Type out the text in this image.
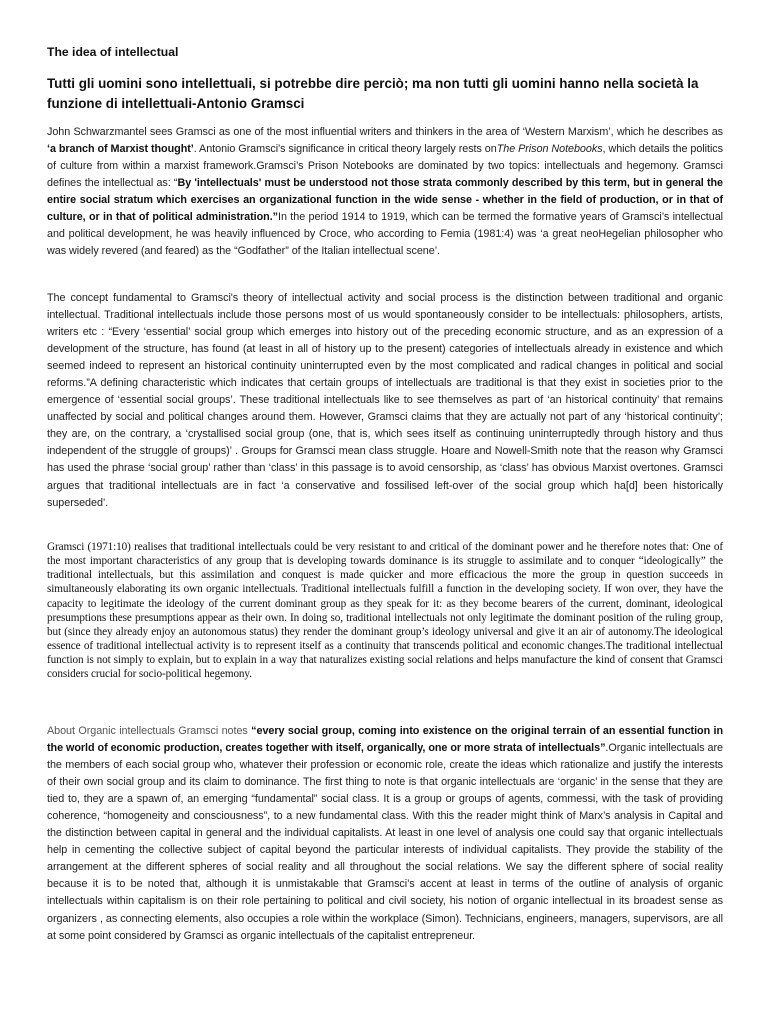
The idea of intellectual
Tutti gli uomini sono intellettuali, si potrebbe dire perciò; ma non tutti gli uomini hanno nella società la funzione di intellettuali-Antonio Gramsci

John Schwarzmantel sees Gramsci as one of the most influential writers and thinkers in the area of ‘Western Marxism’, which he describes as ‘a branch of Marxist thought’. Antonio Gramsci's significance in critical theory largely rests onThe Prison Notebooks, which details the politics of culture from within a marxist framework.Gramsci’s Prison Notebooks are dominated by two topics: intellectuals and hegemony. Gramsci defines the intellectual as: “By 'intellectuals' must be understood not those strata commonly described by this term, but in general the entire social stratum which exercises an organizational function in the wide sense - whether in the field of production, or in that of culture, or in that of political administration.”In the period 1914 to 1919, which can be termed the formative years of Gramsci’s intellectual and political development, he was heavily influenced by Croce, who according to Femia (1981:4) was ‘a great neoHegelian philosopher who was widely revered (and feared) as the “Godfather” of the Italian intellectual scene’.

The concept fundamental to Gramsci's theory of intellectual activity and social process is the distinction between traditional and organic intellectual. Traditional intellectuals include those persons most of us would spontaneously consider to be intellectuals: philosophers, artists, writers etc : “Every ‘essential’ social group which emerges into history out of the preceding economic structure, and as an expression of a development of the structure, has found (at least in all of history up to the present) categories of intellectuals already in existence and which seemed indeed to represent an historical continuity uninterrupted even by the most complicated and radical changes in political and social reforms.”A defining characteristic which indicates that certain groups of intellectuals are traditional is that they exist in societies prior to the emergence of ‘essential social groups’. These traditional intellectuals like to see themselves as part of ‘an historical continuity’ that remains unaffected by social and political changes around them. However, Gramsci claims that they are actually not part of any ‘historical continuity’; they are, on the contrary, a ‘crystallised social group (one, that is, which sees itself as continuing uninterruptedly through history and thus independent of the struggle of groups)’ . Groups for Gramsci mean class struggle. Hoare and Nowell-Smith note that the reason why Gramsci has used the phrase ‘social group’ rather than ‘class’ in this passage is to avoid censorship, as ‘class’ has obvious Marxist overtones. Gramsci argues that traditional intellectuals are in fact ‘a conservative and fossilised left-over of the social group which ha[d] been historically superseded’.

Gramsci (1971:10) realises that traditional intellectuals could be very resistant to and critical of the dominant power and he therefore notes that: One of the most important characteristics of any group that is developing towards dominance is its struggle to assimilate and to conquer “ideologically” the traditional intellectuals, but this assimilation and conquest is made quicker and more efficacious the more the group in question succeeds in simultaneously elaborating its own organic intellectuals. Traditional intellectuals fulfill a function in the developing society. If won over, they have the capacity to legitimate the ideology of the current dominant group as they speak for it: as they become bearers of the current, dominant, ideological presumptions these presumptions appear as their own. In doing so, traditional intellectuals not only legitimate the dominant position of the ruling group, but (since they already enjoy an autonomous status) they render the dominant group’s ideology universal and give it an air of autonomy.The ideological essence of traditional intellectual activity is to represent itself as a continuity that transcends political and economic changes.The traditional intellectual function is not simply to explain, but to explain in a way that naturalizes existing social relations and helps manufacture the kind of consent that Gramsci considers crucial for socio-political hegemony.

About Organic intellectuals Gramsci notes “every social group, coming into existence on the original terrain of an essential function in the world of economic production, creates together with itself, organically, one or more strata of intellectuals”.Organic intellectuals are the members of each social group who, whatever their profession or economic role, create the ideas which rationalize and justify the interests of their own social group and its claim to dominance. The first thing to note is that organic intellectuals are ‘organic’ in the sense that they are tied to, they are a spawn of, an emerging “fundamental” social class. It is a group or groups of agents, commessi, with the task of providing coherence, “homogeneity and consciousness”, to a new fundamental class. With this the reader might think of Marx’s analysis in Capital and the distinction between capital in general and the individual capitalists. At least in one level of analysis one could say that organic intellectuals help in cementing the collective subject of capital beyond the particular interests of individual capitalists. They provide the stability of the arrangement at the different spheres of social reality and all throughout the social relations. We say the different sphere of social reality because it is to be noted that, although it is unmistakable that Gramsci’s accent at least in terms of the outline of analysis of organic intellectuals within capitalism is on their role pertaining to political and civil society, his notion of organic intellectual in its broadest sense as organizers , as connecting elements, also occupies a role within the workplace (Simon). Technicians, engineers, managers, supervisors, are all at some point considered by Gramsci as organic intellectuals of the capitalist entrepreneur.
